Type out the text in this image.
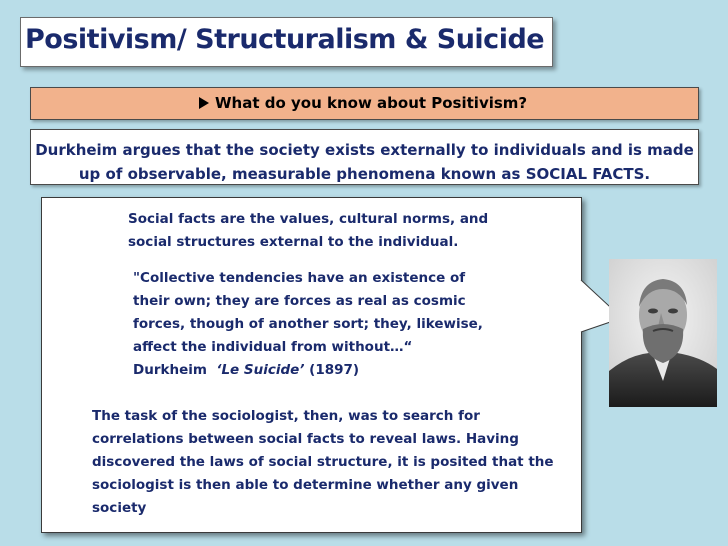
Positivism/ Structuralism & Suicide
What do you know about Positivism?

Durkheim argues that the society exists externally to individuals and is made
up of observable, measurable phenomena known as SOCIAL FACTS.

Social facts are the values, cultural norms, and
social structures external to the individual.
"Collective tendencies have an existence of
their own; they are forces as real as cosmic
forces, though of another sort; they, likewise,
affect the individual from without…“
Durkheim ‘Le Suicide’ (1897)
The task of the sociologist, then, was to search for
correlations between social facts to reveal laws. Having
discovered the laws of social structure, it is posited that the
sociologist is then able to determine whether any given
society
